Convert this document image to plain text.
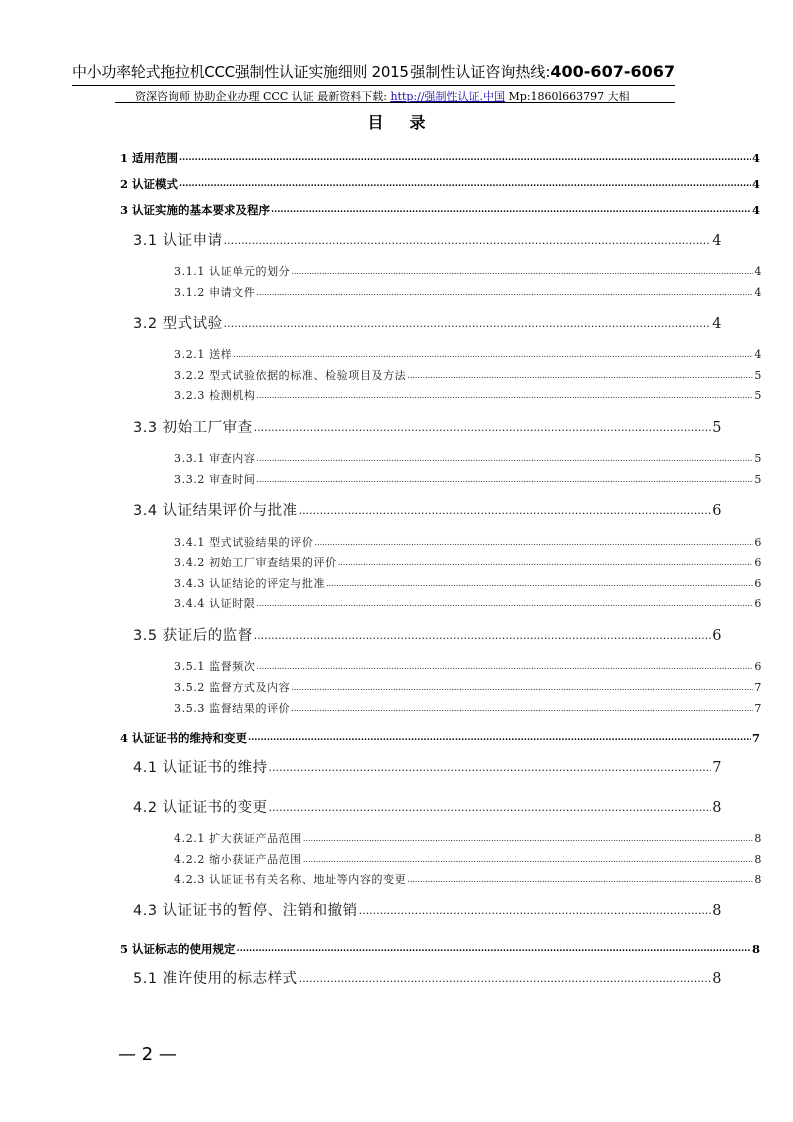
中小功率轮式拖拉机CCC强制性认证实施细则 2015 强制性认证咨询热线:400-607-6067
资深咨询师 协助企业办理 CCC 认证 最新资料下载: http://强制性认证.中国 Mp:1860l663797 大相
目录
1 适用范围 .....	4
2 认证模式 .....	4
3 认证实施的基本要求及程序 .....	4
3.1 认证申请 .....	4
3.1.1 认证单元的划分 .....	4
3.1.2 申请文件 .....	4
3.2 型式试验 .....	4
3.2.1 送样 .....	4
3.2.2 型式试验依据的标准、检验项目及方法 .....	5
3.2.3 检测机构 .....	5
3.3 初始工厂审查 .....	5
3.3.1 审查内容 .....	5
3.3.2 审查时间 .....	5
3.4 认证结果评价与批准 .....	6
3.4.1 型式试验结果的评价 .....	6
3.4.2 初始工厂审查结果的评价 .....	6
3.4.3 认证结论的评定与批准 .....	6
3.4.4 认证时限 .....	6
3.5 获证后的监督 .....	6
3.5.1 监督频次 .....	6
3.5.2 监督方式及内容 .....	7
3.5.3 监督结果的评价 .....	7
4 认证证书的维持和变更 .....	7
4.1 认证证书的维持 .....	7
4.2 认证证书的变更 .....	8
4.2.1 扩大获证产品范围 .....	8
4.2.2 缩小获证产品范围 .....	8
4.2.3 认证证书有关名称、地址等内容的变更 .....	8
4.3 认证证书的暂停、注销和撤销 .....	8
5 认证标志的使用规定 .....	8
5.1 准许使用的标志样式 .....	8
— 2 —
